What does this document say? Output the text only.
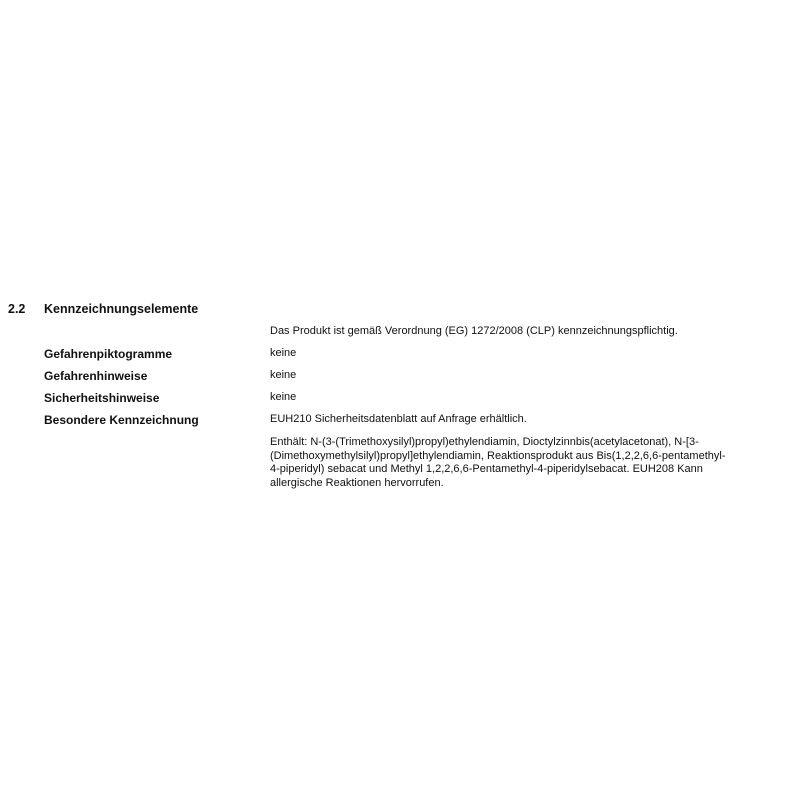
2.2 Kennzeichnungselemente
Das Produkt ist gemäß Verordnung (EG) 1272/2008 (CLP) kennzeichnungspflichtig.
Gefahrenpiktogramme	keine
Gefahrenhinweise	keine
Sicherheitshinweise	keine
Besondere Kennzeichnung	EUH210 Sicherheitsdatenblatt auf Anfrage erhältlich.
Enthält: N-(3-(Trimethoxysilyl)propyl)ethylendiamin, Dioctylzinnbis(acetylacetonat), N-[3-
(Dimethoxymethylsilyl)propyl]ethylendiamin, Reaktionsprodukt aus Bis(1,2,2,6,6-pentamethyl-
4-piperidyl) sebacat und Methyl 1,2,2,6,6-Pentamethyl-4-piperidylsebacat. EUH208 Kann
allergische Reaktionen hervorrufen.
